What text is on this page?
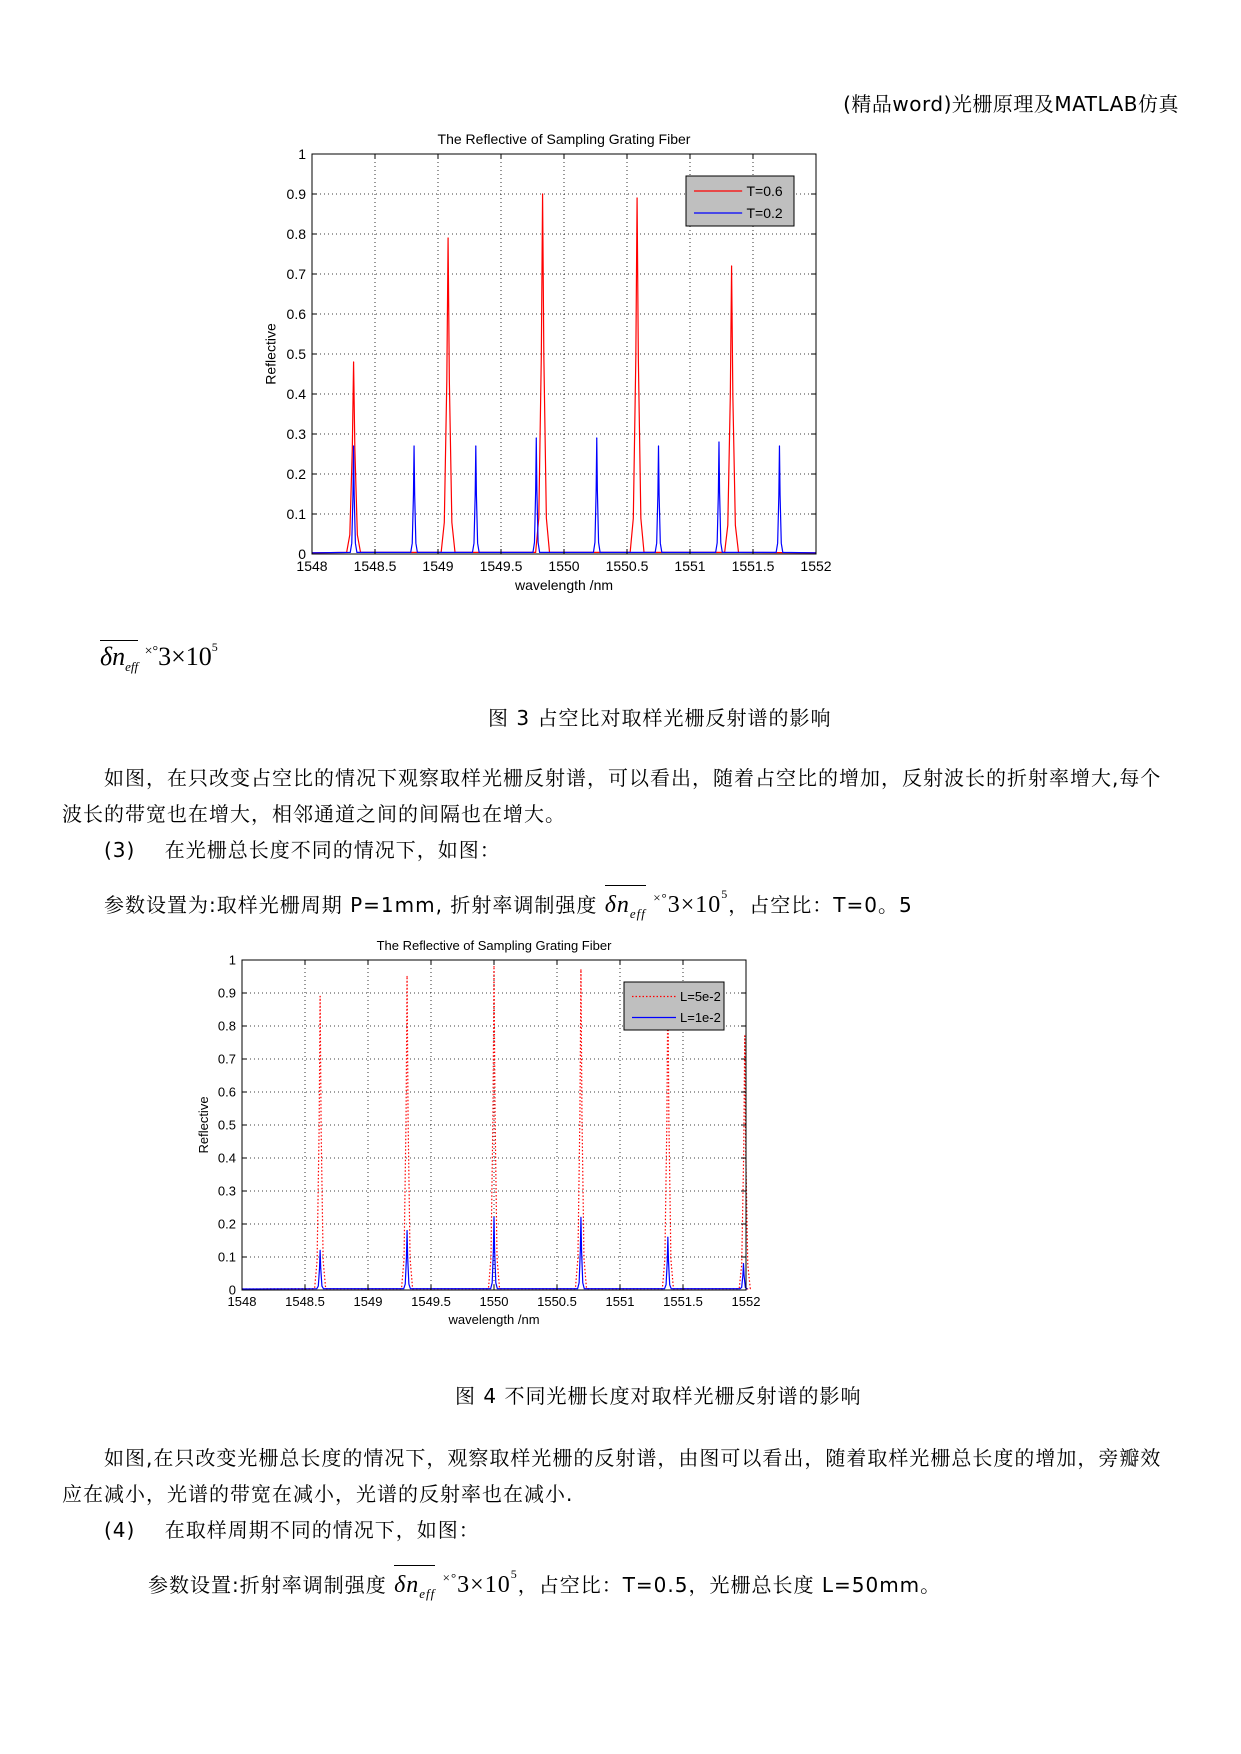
(精品word)光栅原理及MATLAB仿真
1548 1548.5 1549 1549.5 1550 1550.5 1551 1551.5 1552
0
0.1
0.2
0.3
0.4
0.5
0.6
0.7
0.8
0.9
1
The Reflective of Sampling Grating Fiber
wavelength /nm
Reflective
T=0.6
T=0.2
$\delta n_{eff}$ $^{\times^\circ}3\times 10^5$
图 3 占空比对取样光栅反射谱的影响

如图，在只改变占空比的情况下观察取样光栅反射谱，可以看出，随着占空比的增加，反射波长的折射率增大,每个波长的带宽也在增大，相邻通道之间的间隔也在增大。

(3) 在光栅总长度不同的情况下，如图：

参数设置为:取样光栅周期 P=1mm, 折射率调制强度 $\delta n_{eff}$ $^{\times^\circ}3\times 10^5$，占空比：T=0。5
1548 1548.5 1549 1549.5 1550 1550.5 1551 1551.5 1552
0
0.1
0.2
0.3
0.4
0.5
0.6
0.7
0.8
0.9
1
The Reflective of Sampling Grating Fiber
wavelength /nm
Reflective
L=5e-2
L=1e-2
图 4 不同光栅长度对取样光栅反射谱的影响

如图,在只改变光栅总长度的情况下，观察取样光栅的反射谱，由图可以看出，随着取样光栅总长度的增加，旁瓣效应在减小，光谱的带宽在减小，光谱的反射率也在减小.

(4) 在取样周期不同的情况下，如图：

参数设置:折射率调制强度 $\delta n_{eff}$ $^{\times^\circ}3\times 10^5$，占空比：T=0.5，光栅总长度 L=50mm。
